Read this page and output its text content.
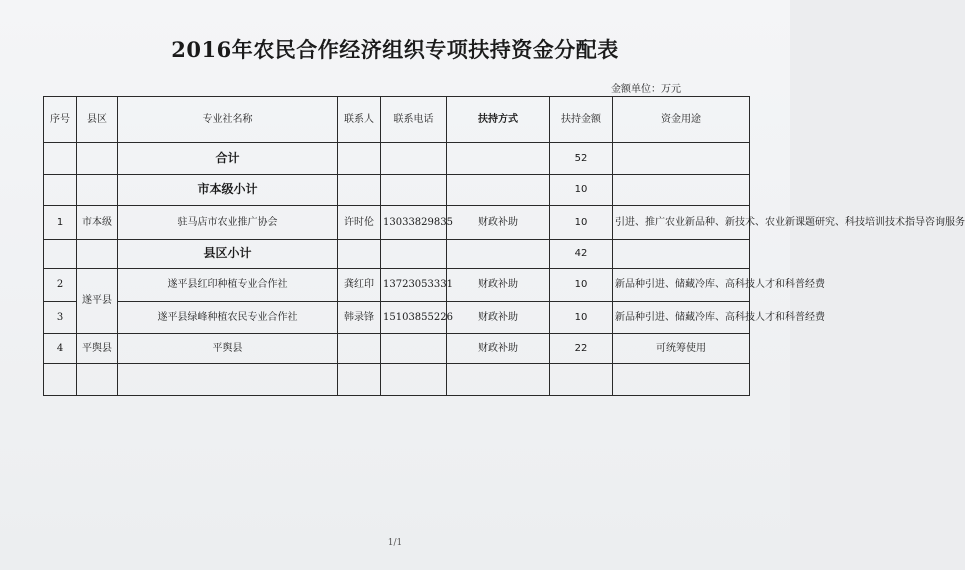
2016年农民合作经济组织专项扶持资金分配表
金额单位：万元
序号	县区	专业社名称	联系人	联系电话	扶持方式	扶持金额	资金用途
		合计				52	
		市本级小计				10	
1	市本级	驻马店市农业推广协会	许时伦	13033829835	财政补助	10	引进、推广农业新品种、新技术、农业新课题研究、科技培训技术指导咨询服务
		县区小计				42	
2	遂平县	遂平县红印种植专业合作社	龚红印	13723053331	财政补助	10	新品种引进、储藏冷库、高科技人才和科普经费
3		遂平县绿峰种植农民专业合作社	韩录锋	15103855226	财政补助	10	新品种引进、储藏冷库、高科技人才和科普经费
4	平舆县	平舆县			财政补助	22	可统筹使用

1/1
